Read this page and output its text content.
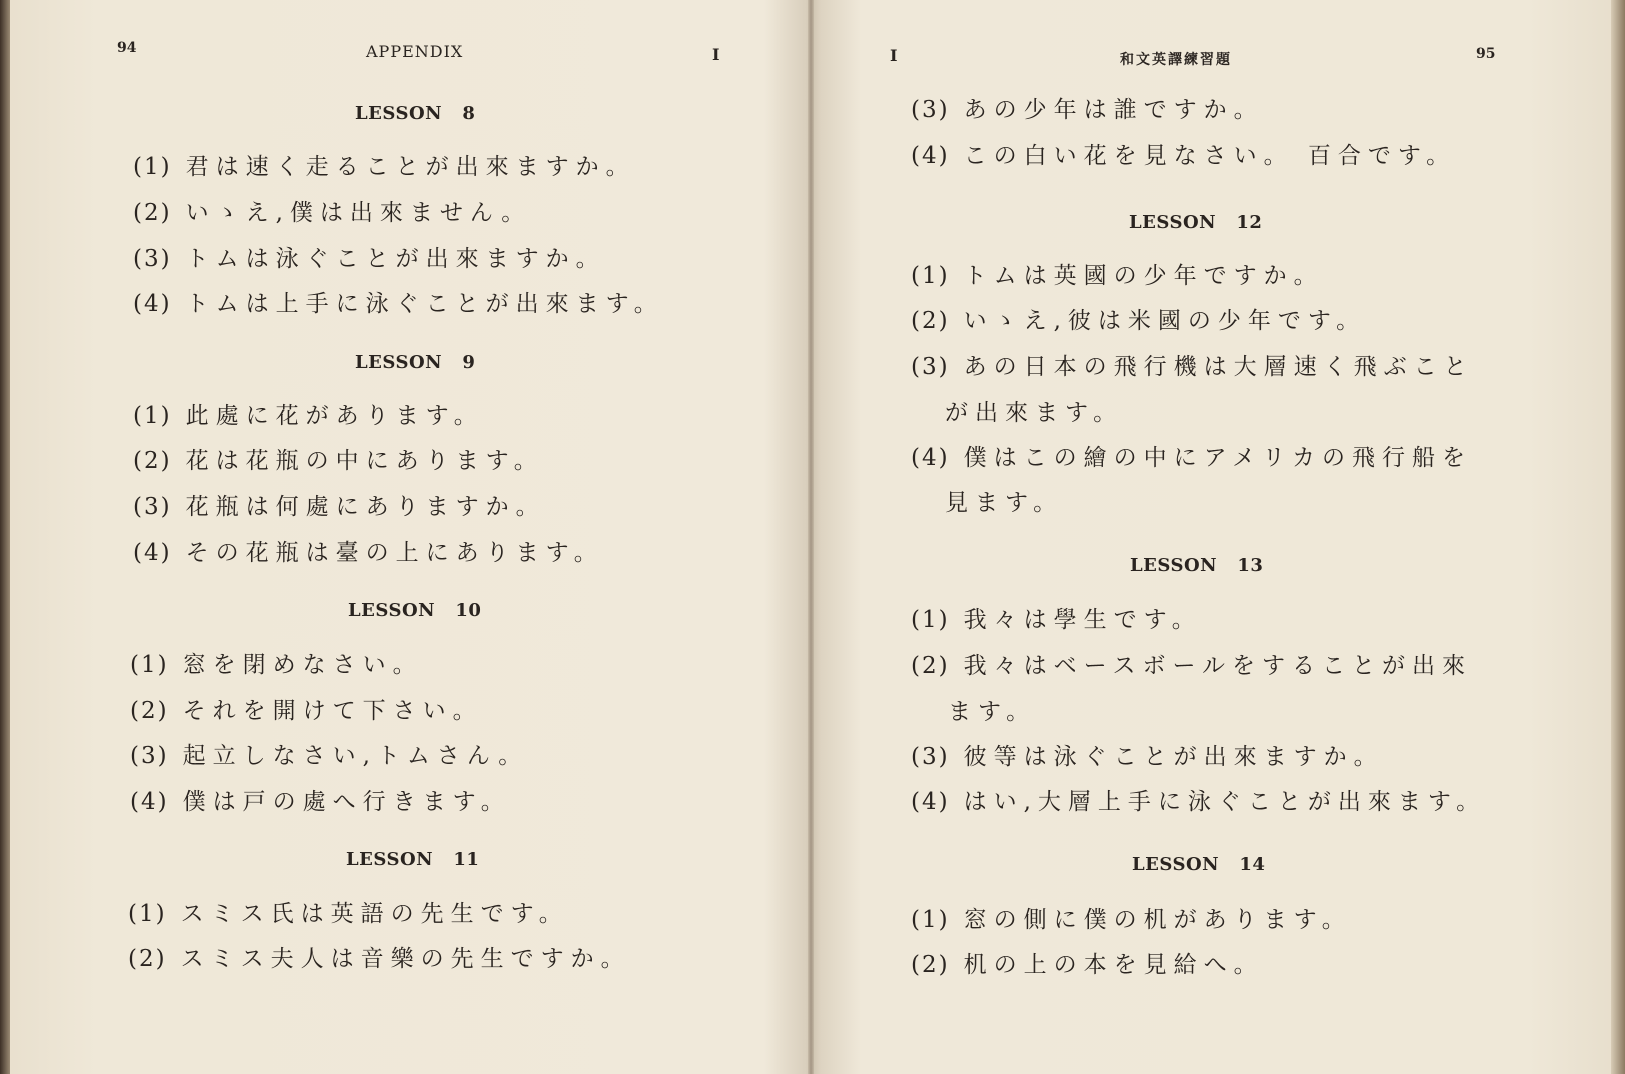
94	APPENDIX	I
LESSON   8
(1) 君は速く走ることが出來ますか。
(2) いゝえ,僕は出來ません。
(3) トムは泳ぐことが出來ますか。
(4) トムは上手に泳ぐことが出來ます。
LESSON   9
(1) 此處に花があります。
(2) 花は花瓶の中にあります。
(3) 花瓶は何處にありますか。
(4) その花瓶は臺の上にあります。
LESSON   10
(1) 窓を閉めなさい。
(2) それを開けて下さい。
(3) 起立しなさい,トムさん。
(4) 僕は戸の處へ行きます。
LESSON   11
(1) スミス氏は英語の先生です。
(2) スミス夫人は音樂の先生ですか。
I	和文英譯練習題	95
(3) あの少年は誰ですか。
(4) この白い花を見なさい。 百合です。
LESSON   12
(1) トムは英國の少年ですか。
(2) いゝえ,彼は米國の少年です。
(3) あの日本の飛行機は大層速く飛ぶこと
が出來ます。
(4) 僕はこの繪の中にアメリカの飛行船を
見ます。
LESSON   13
(1) 我々は學生です。
(2) 我々はベースボールをすることが出來
ます。
(3) 彼等は泳ぐことが出來ますか。
(4) はい,大層上手に泳ぐことが出來ます。
LESSON   14
(1) 窓の側に僕の机があります。
(2) 机の上の本を見給へ。
